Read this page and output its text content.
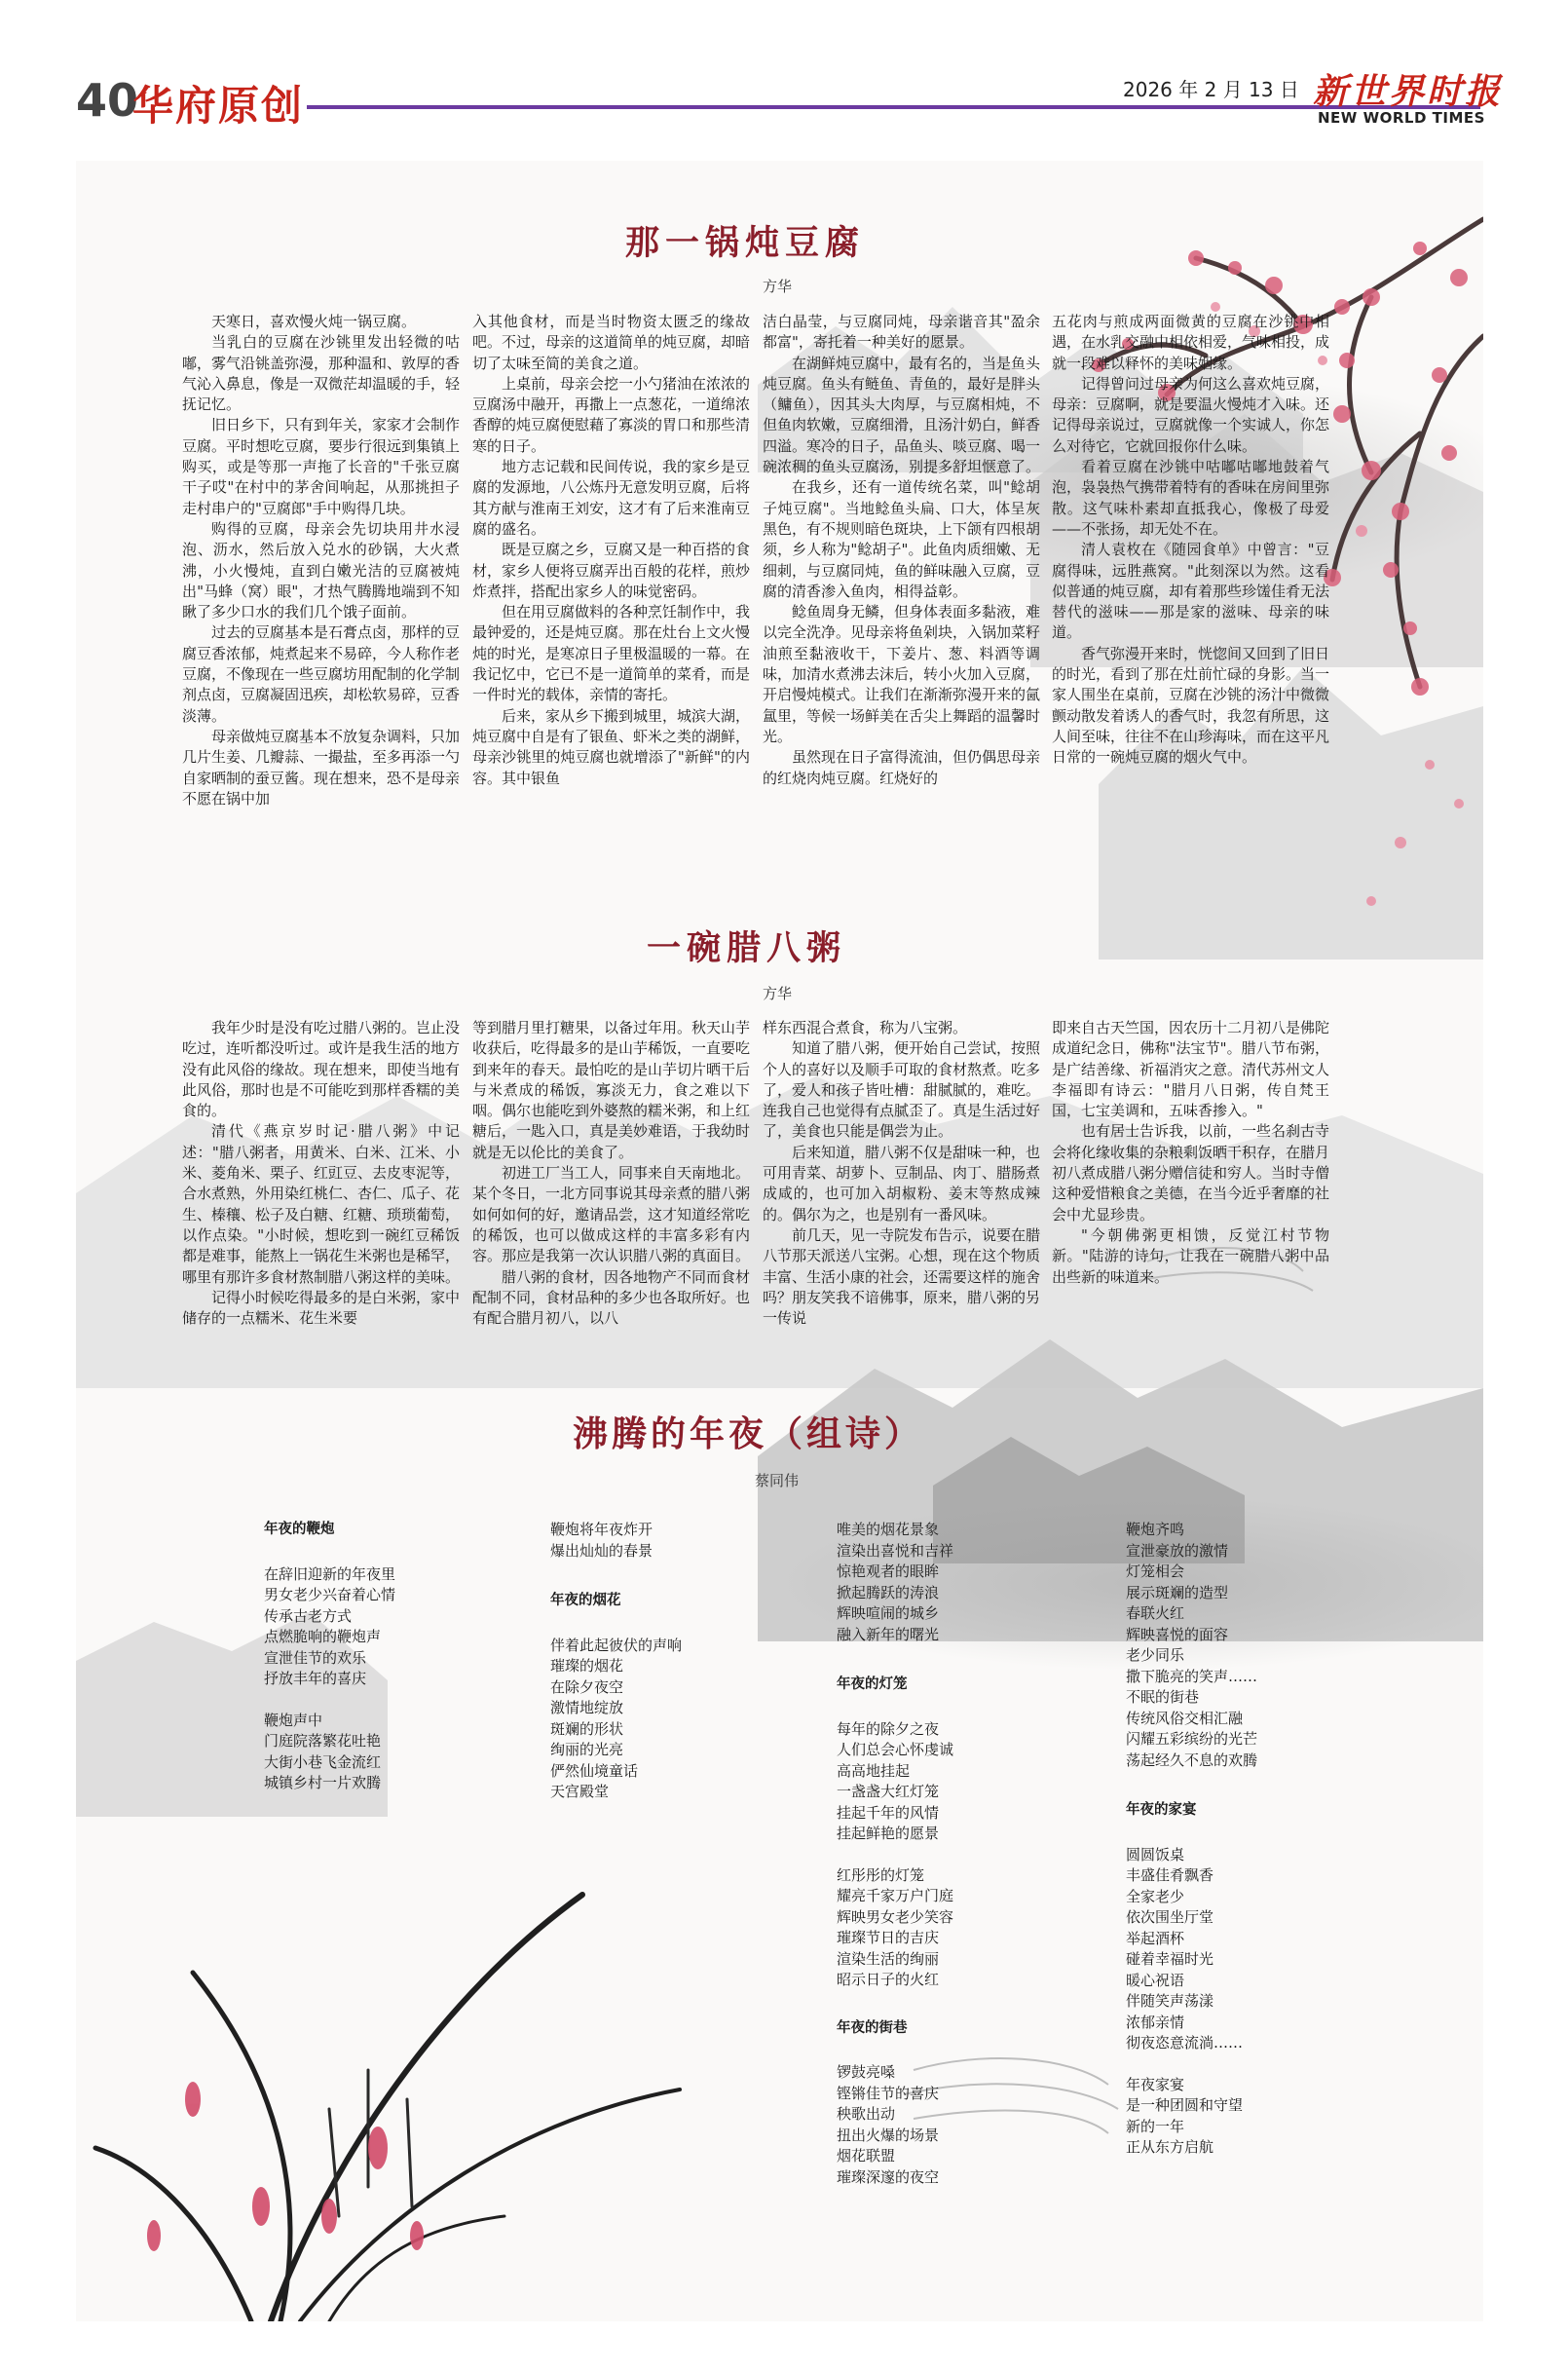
40
华府原创	2026 年 2 月 13 日 新世界时报
NEW WORLD TIMES
那一锅炖豆腐
方华

天寒日，喜欢慢火炖一锅豆腐。

当乳白的豆腐在沙铫里发出轻微的咕嘟，雾气沿铫盖弥漫，那种温和、敦厚的香气沁入鼻息，像是一双微茫却温暖的手，轻抚记忆。

旧日乡下，只有到年关，家家才会制作豆腐。平时想吃豆腐，要步行很远到集镇上购买，或是等那一声拖了长音的"千张豆腐干子哎"在村中的茅舍间响起，从那挑担子走村串户的"豆腐郎"手中购得几块。

购得的豆腐，母亲会先切块用井水浸泡、沥水，然后放入兑水的砂锅，大火煮沸，小火慢炖，直到白嫩光洁的豆腐被炖出"马蜂（窝）眼"，才热气腾腾地端到不知瞅了多少口水的我们几个饿子面前。

过去的豆腐基本是石膏点卤，那样的豆腐豆香浓郁，炖煮起来不易碎，今人称作老豆腐，不像现在一些豆腐坊用配制的化学制剂点卤，豆腐凝固迅疾，却松软易碎，豆香淡薄。

母亲做炖豆腐基本不放复杂调料，只加几片生姜、几瓣蒜、一撮盐，至多再添一勺自家晒制的蚕豆酱。现在想来，恐不是母亲不愿在锅中加

入其他食材，而是当时物资太匮乏的缘故吧。不过，母亲的这道简单的炖豆腐，却暗切了太味至简的美食之道。

上桌前，母亲会挖一小勺猪油在浓浓的豆腐汤中融开，再撒上一点葱花，一道绵浓香醇的炖豆腐便慰藉了寡淡的胃口和那些清寒的日子。

地方志记载和民间传说，我的家乡是豆腐的发源地，八公炼丹无意发明豆腐，后将其方献与淮南王刘安，这才有了后来淮南豆腐的盛名。

既是豆腐之乡，豆腐又是一种百搭的食材，家乡人便将豆腐弄出百般的花样，煎炒炸煮拌，搭配出家乡人的味觉密码。

但在用豆腐做料的各种烹饪制作中，我最钟爱的，还是炖豆腐。那在灶台上文火慢炖的时光，是寒凉日子里极温暖的一幕。在我记忆中，它已不是一道简单的菜肴，而是一件时光的载体，亲情的寄托。

后来，家从乡下搬到城里，城滨大湖，炖豆腐中自是有了银鱼、虾米之类的湖鲜，母亲沙铫里的炖豆腐也就增添了"新鲜"的内容。其中银鱼

洁白晶莹，与豆腐同炖，母亲谐音其"盈余都富"，寄托着一种美好的愿景。

在湖鲜炖豆腐中，最有名的，当是鱼头炖豆腐。鱼头有鲢鱼、青鱼的，最好是胖头（鳙鱼），因其头大肉厚，与豆腐相炖，不但鱼肉软嫩，豆腐细滑，且汤汁奶白，鲜香四溢。寒冷的日子，品鱼头、啖豆腐、喝一碗浓稠的鱼头豆腐汤，别提多舒坦惬意了。

在我乡，还有一道传统名菜，叫"鲶胡子炖豆腐"。当地鲶鱼头扁、口大，体呈灰黑色，有不规则暗色斑块，上下颌有四根胡须，乡人称为"鲶胡子"。此鱼肉质细嫩、无细刺，与豆腐同炖，鱼的鲜味融入豆腐，豆腐的清香渗入鱼肉，相得益彰。

鲶鱼周身无鳞，但身体表面多黏液，难以完全洗净。见母亲将鱼剁块，入锅加菜籽油煎至黏液收干，下姜片、葱、料酒等调味，加清水煮沸去沫后，转小火加入豆腐，开启慢炖模式。让我们在渐渐弥漫开来的氤氲里，等候一场鲜美在舌尖上舞蹈的温馨时光。

虽然现在日子富得流油，但仍偶思母亲的红烧肉炖豆腐。红烧好的

五花肉与煎成两面微黄的豆腐在沙铫中相遇，在水乳交融中相依相爱，气味相投，成就一段难以释怀的美味姻缘。

记得曾问过母亲为何这么喜欢炖豆腐，母亲：豆腐啊，就是要温火慢炖才入味。还记得母亲说过，豆腐就像一个实诚人，你怎么对待它，它就回报你什么味。

看着豆腐在沙铫中咕嘟咕嘟地鼓着气泡，袅袅热气携带着特有的香味在房间里弥散。这气味朴素却直抵我心，像极了母爱——不张扬，却无处不在。

清人袁枚在《随园食单》中曾言："豆腐得味，远胜燕窝。"此刻深以为然。这看似普通的炖豆腐，却有着那些珍馐佳肴无法替代的滋味——那是家的滋味、母亲的味道。

香气弥漫开来时，恍惚间又回到了旧日的时光，看到了那在灶前忙碌的身影。当一家人围坐在桌前，豆腐在沙铫的汤汁中微微颤动散发着诱人的香气时，我忽有所思，这人间至味，往往不在山珍海味，而在这平凡日常的一碗炖豆腐的烟火气中。

一碗腊八粥
方华

我年少时是没有吃过腊八粥的。岂止没吃过，连听都没听过。或许是我生活的地方没有此风俗的缘故。现在想来，即使当地有此风俗，那时也是不可能吃到那样香糯的美食的。

清代《燕京岁时记·腊八粥》中记述："腊八粥者，用黄米、白米、江米、小米、菱角米、栗子、红豇豆、去皮枣泥等，合水煮熟，外用染红桃仁、杏仁、瓜子、花生、榛穰、松子及白糖、红糖、琐琐葡萄，以作点染。"小时候，想吃到一碗红豆稀饭都是难事，能熬上一锅花生米粥也是稀罕，哪里有那许多食材熬制腊八粥这样的美味。

记得小时候吃得最多的是白米粥，家中储存的一点糯米、花生米要

等到腊月里打糖果，以备过年用。秋天山芋收获后，吃得最多的是山芋稀饭，一直要吃到来年的春天。最怕吃的是山芋切片晒干后与米煮成的稀饭，寡淡无力，食之难以下咽。偶尔也能吃到外婆熬的糯米粥，和上红糖后，一匙入口，真是美妙难语，于我幼时就是无以伦比的美食了。

初进工厂当工人，同事来自天南地北。某个冬日，一北方同事说其母亲煮的腊八粥如何如何的好，邀请品尝，这才知道经常吃的稀饭，也可以做成这样的丰富多彩有内容。那应是我第一次认识腊八粥的真面目。

腊八粥的食材，因各地物产不同而食材配制不同，食材品种的多少也各取所好。也有配合腊月初八，以八

样东西混合煮食，称为八宝粥。

知道了腊八粥，便开始自己尝试，按照个人的喜好以及顺手可取的食材熬煮。吃多了，爱人和孩子皆吐槽：甜腻腻的，难吃。连我自己也觉得有点腻歪了。真是生活过好了，美食也只能是偶尝为止。

后来知道，腊八粥不仅是甜味一种，也可用青菜、胡萝卜、豆制品、肉丁、腊肠煮成咸的，也可加入胡椒粉、姜末等熬成辣的。偶尔为之，也是别有一番风味。

前几天，见一寺院发布告示，说要在腊八节那天派送八宝粥。心想，现在这个物质丰富、生活小康的社会，还需要这样的施舍吗？朋友笑我不谙佛事，原来，腊八粥的另一传说

即来自古天竺国，因农历十二月初八是佛陀成道纪念日，佛称"法宝节"。腊八节布粥，是广结善缘、祈福消灾之意。清代苏州文人李福即有诗云："腊月八日粥，传自梵王国，七宝美调和，五味香掺入。"

也有居士告诉我，以前，一些名刹古寺会将化缘收集的杂粮剩饭晒干积存，在腊月初八煮成腊八粥分赠信徒和穷人。当时寺僧这种爱惜粮食之美德，在当今近乎奢靡的社会中尤显珍贵。

"今朝佛粥更相馈，反觉江村节物新。"陆游的诗句，让我在一碗腊八粥中品出些新的味道来。

沸腾的年夜（组诗）
蔡同伟
年夜的鞭炮
在辞旧迎新的年夜里
男女老少兴奋着心情
传承古老方式
点燃脆响的鞭炮声
宣泄佳节的欢乐
抒放丰年的喜庆
鞭炮声中
门庭院落繁花吐艳
大街小巷飞金流红
城镇乡村一片欢腾
鞭炮将年夜炸开
爆出灿灿的春景
年夜的烟花
伴着此起彼伏的声响
璀璨的烟花
在除夕夜空
激情地绽放
斑斓的形状
绚丽的光亮
俨然仙境童话
天宫殿堂
唯美的烟花景象
渲染出喜悦和吉祥
惊艳观者的眼眸
掀起腾跃的涛浪
辉映喧闹的城乡
融入新年的曙光
年夜的灯笼
每年的除夕之夜
人们总会心怀虔诚
高高地挂起
一盏盏大红灯笼
挂起千年的风情
挂起鲜艳的愿景
红彤彤的灯笼
耀亮千家万户门庭
辉映男女老少笑容
璀璨节日的吉庆
渲染生活的绚丽
昭示日子的火红
年夜的街巷
锣鼓亮嗓
铿锵佳节的喜庆
秧歌出动
扭出火爆的场景
烟花联盟
璀璨深邃的夜空
鞭炮齐鸣
宣泄豪放的激情
灯笼相会
展示斑斓的造型
春联火红
辉映喜悦的面容
老少同乐
撒下脆亮的笑声……
不眠的街巷
传统风俗交相汇融
闪耀五彩缤纷的光芒
荡起经久不息的欢腾
年夜的家宴
圆圆饭桌
丰盛佳肴飘香
全家老少
依次围坐厅堂
举起酒杯
碰着幸福时光
暖心祝语
伴随笑声荡漾
浓郁亲情
彻夜恣意流淌……
年夜家宴
是一种团圆和守望
新的一年
正从东方启航
